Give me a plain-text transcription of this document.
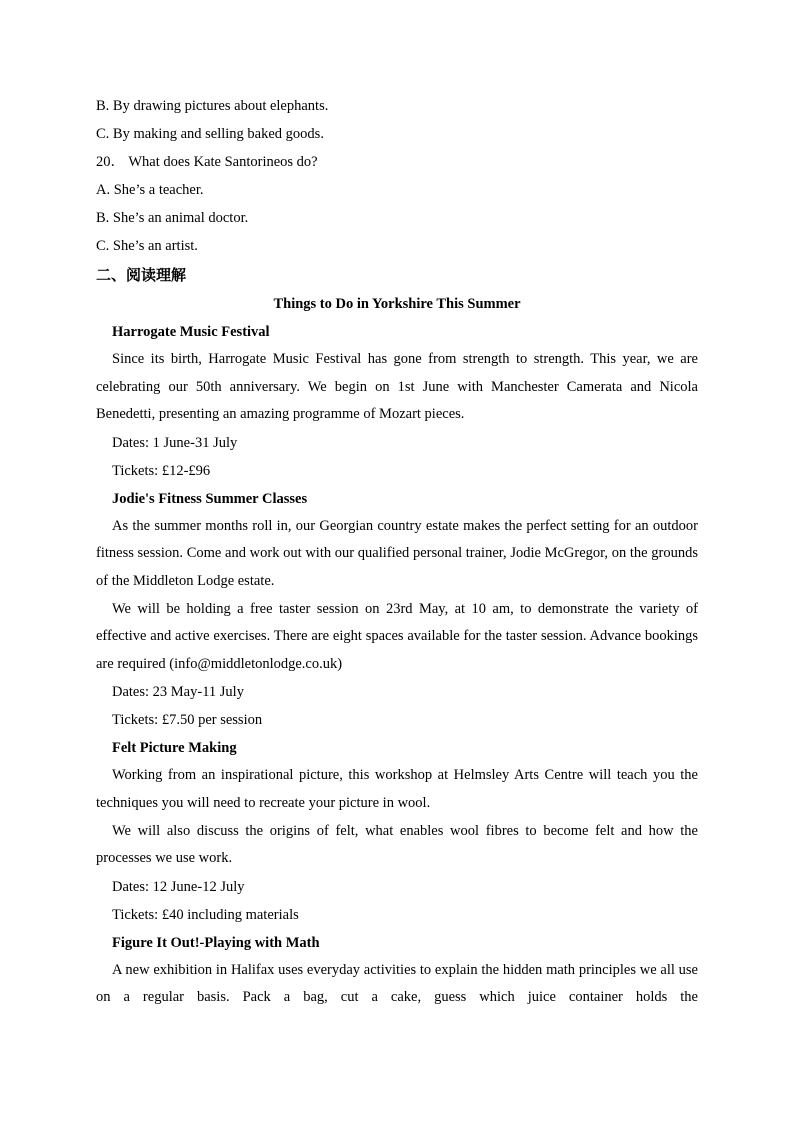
B. By drawing pictures about elephants.
C. By making and selling baked goods.
20． What does Kate Santorineos do?
A. She’s a teacher.
B. She’s an animal doctor.
C. She’s an artist.
二、阅读理解
Things to Do in Yorkshire This Summer
Harrogate Music Festival
Since its birth, Harrogate Music Festival has gone from strength to strength. This year, we are celebrating our 50th anniversary. We begin on 1st June with Manchester Camerata and Nicola Benedetti, presenting an amazing programme of Mozart pieces.
Dates: 1 June-31 July
Tickets: £12-£96
Jodie's Fitness Summer Classes
As the summer months roll in, our Georgian country estate makes the perfect setting for an outdoor fitness session. Come and work out with our qualified personal trainer, Jodie McGregor, on the grounds of the Middleton Lodge estate.
We will be holding a free taster session on 23rd May, at 10 am, to demonstrate the variety of effective and active exercises. There are eight spaces available for the taster session. Advance bookings are required (info@middletonlodge.co.uk)
Dates: 23 May-11 July
Tickets: £7.50 per session
Felt Picture Making
Working from an inspirational picture, this workshop at Helmsley Arts Centre will teach you the techniques you will need to recreate your picture in wool.
We will also discuss the origins of felt, what enables wool fibres to become felt and how the processes we use work.
Dates: 12 June-12 July
Tickets: £40 including materials
Figure It Out!-Playing with Math
A new exhibition in Halifax uses everyday activities to explain the hidden math principles we all use on a regular basis. Pack a bag, cut a cake, guess which juice container holds the
